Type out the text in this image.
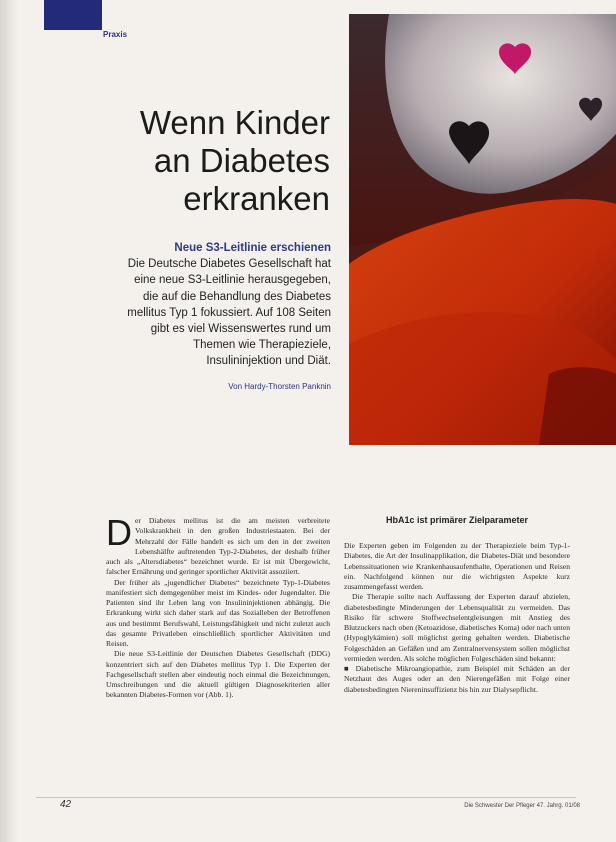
Praxis
Wenn Kinder
an Diabetes
erkranken
Neue S3-Leitlinie erschienen
Die Deutsche Diabetes Gesellschaft hat eine neue S3-Leitlinie herausgegeben, die auf die Behandlung des Diabetes mellitus Typ 1 fokussiert. Auf 108 Seiten gibt es viel Wissenswertes rund um Themen wie Therapieziele, Insulininjektion und Diät.
Von Hardy-Thorsten Panknin
D er Diabetes mellitus ist die am meisten verbreitete Volkskrankheit in den großen Industriestaaten. Bei der Mehrzahl der Fälle handelt es sich um den in der zweiten Lebenshälfte auftretenden Typ-2-Diabetes, der deshalb früher auch als „Altersdiabetes“ bezeichnet wurde. Er ist mit Übergewicht, falscher Ernährung und geringer sportlicher Aktivität assoziiert.

Der früher als „jugendlicher Diabetes“ bezeichnete Typ-1-Diabetes manifestiert sich demgegenüber meist im Kindes- oder Jugendalter. Die Patienten sind ihr Leben lang von Insulininjektionen abhängig. Die Erkrankung wirkt sich daher stark auf das Sozialleben der Betroffenen aus und bestimmt Berufswahl, Leistungsfähigkeit und nicht zuletzt auch das gesamte Privatleben einschließlich sportlicher Aktivitäten und Reisen.

Die neue S3-Leitlinie der Deutschen Diabetes Gesellschaft (DDG) konzentriert sich auf den Diabetes mellitus Typ 1. Die Experten der Fachgesellschaft stellen aber eindeutig noch einmal die Bezeichnungen, Umschreibungen und die aktuell gültigen Diagnosekriterien aller bekannten Diabetes-Formen vor (Abb. 1).

HbA1c ist primärer Zielparameter

Die Experten geben im Folgenden zu der Therapieziele beim Typ-1-Diabetes, die Art der Insulinapplikation, die Diabetes-Diät und besondere Lebenssituationen wie Krankenhausaufenthalte, Operationen und Reisen ein. Nachfolgend können nur die wichtigsten Aspekte kurz zusammengefasst werden.

Die Therapie sollte nach Auffassung der Experten darauf abzielen, diabetesbedingte Minderungen der Lebensqualität zu vermeiden. Das Risiko für schwere Stoffwechselentgleisungen mit Anstieg des Blutzuckers nach oben (Ketoazidose, diabetisches Koma) oder nach unten (Hypoglykämien) soll möglichst gering gehalten werden. Diabetische Folgeschäden an Gefäßen und am Zentralnervensystem sollen möglichst vermieden werden. Als solche möglichen Folgeschäden sind bekannt:

■ Diabetische Mikroangiopathie, zum Beispiel mit Schäden an der Netzhaut des Auges oder an den Nierengefäßen mit Folge einer diabetesbedingten Niereninsuffizienz bis hin zur Dialysepflicht.

42	Die Schwester Der Pfleger 47. Jahrg. 01/08
